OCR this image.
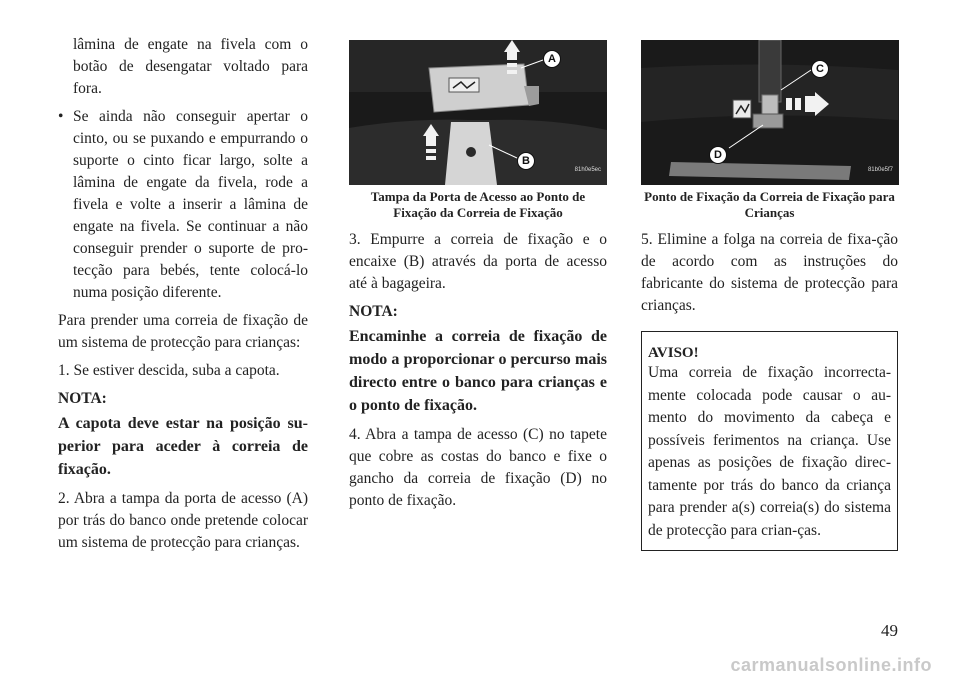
lâmina de engate na fivela com o botão de desengatar voltado para fora.

• Se ainda não conseguir apertar o cinto, ou se puxando e empurrando o suporte o cinto ficar largo, solte a lâmina de engate da fivela, rode a fivela e volte a inserir a lâmina de engate na fivela. Se continuar a não conseguir prender o suporte de pro-tecção para bebés, tente colocá-lo numa posição diferente.

Para prender uma correia de fixação de um sistema de protecção para crianças:

1. Se estiver descida, suba a capota.

NOTA:
A capota deve estar na posição su-perior para aceder à correia de fixação.

2. Abra a tampa da porta de acesso (A) por trás do banco onde pretende colocar um sistema de protecção para crianças.

A
B
81h0e5ec
Tampa da Porta de Acesso ao Ponto de Fixação da Correia de Fixação

3. Empurre a correia de fixação e o encaixe (B) através da porta de acesso até à bagageira.

NOTA:
Encaminhe a correia de fixação de modo a proporcionar o percurso mais directo entre o banco para crianças e o ponto de fixação.

4. Abra a tampa de acesso (C) no tapete que cobre as costas do banco e fixe o gancho da correia de fixação (D) no ponto de fixação.

C
D
81b0e5f7
Ponto de Fixação da Correia de Fixação para Crianças

5. Elimine a folga na correia de fixa-ção de acordo com as instruções do fabricante do sistema de protecção para crianças.

AVISO!
Uma correia de fixação incorrecta-mente colocada pode causar o au-mento do movimento da cabeça e possíveis ferimentos na criança. Use apenas as posições de fixação direc-tamente por trás do banco da criança para prender a(s) correia(s) do sistema de protecção para crian-ças.
49
carmanualsonline.info
